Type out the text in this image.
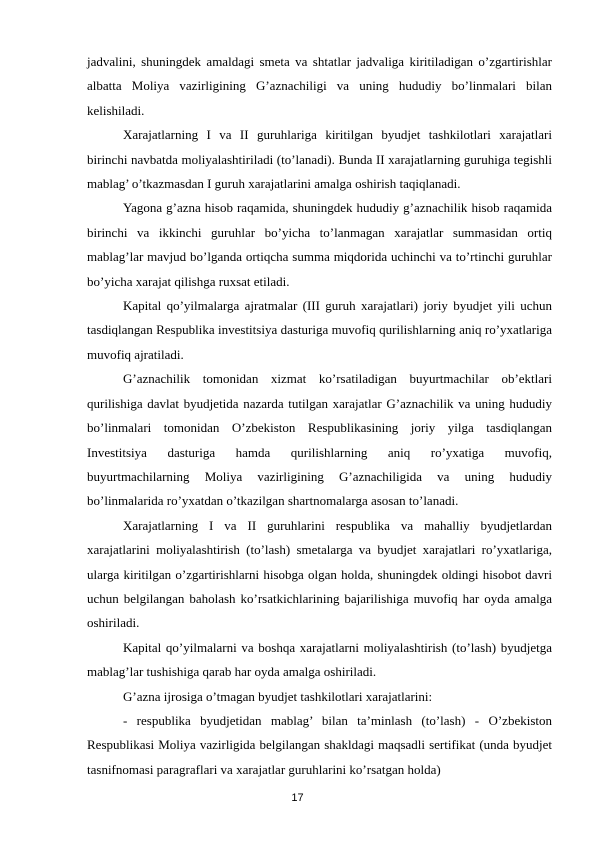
jadvalini, shuningdek amaldagi smeta va shtatlar jadvaliga kiritiladigan o’zgartirishlar albatta Moliya vazirligining G’aznachiligi va uning hududiy bo’linmalari bilan kelishiladi.

Xarajatlarning I va II guruhlariga kiritilgan byudjet tashkilotlari xarajatlari birinchi navbatda moliyalashtiriladi (to’lanadi). Bunda II xarajatlarning guruhiga tegishli mablag’ o’tkazmasdan I guruh xarajatlarini amalga oshirish taqiqlanadi.

Yagona g’azna hisob raqamida, shuningdek hududiy g’aznachilik hisob raqamida birinchi va ikkinchi guruhlar bo’yicha to’lanmagan xarajatlar summasidan ortiq mablag’lar mavjud bo’lganda ortiqcha summa miqdorida uchinchi va to’rtinchi guruhlar bo’yicha xarajat qilishga ruxsat etiladi.

Kapital qo’yilmalarga ajratmalar (III guruh xarajatlari) joriy byudjet yili uchun tasdiqlangan Respublika investitsiya dasturiga muvofiq qurilishlarning aniq ro’yxatlariga muvofiq ajratiladi.

G’aznachilik tomonidan xizmat ko’rsatiladigan buyurtmachilar ob’ektlari qurilishiga davlat byudjetida nazarda tutilgan xarajatlar G’aznachilik va uning hududiy bo’linmalari tomonidan O’zbekiston Respublikasining joriy yilga tasdiqlangan Investitsiya dasturiga hamda qurilishlarning aniq ro’yxatiga muvofiq, buyurtmachilarning Moliya vazirligining G’aznachiligida va uning hududiy bo’linmalarida ro’yxatdan o’tkazilgan shartnomalarga asosan to’lanadi.

Xarajatlarning I va II guruhlarini respublika va mahalliy byudjetlardan xarajatlarini moliyalashtirish (to’lash) smetalarga va byudjet xarajatlari ro’yxatlariga, ularga kiritilgan o’zgartirishlarni hisobga olgan holda, shuningdek oldingi hisobot davri uchun belgilangan baholash ko’rsatkichlarining bajarilishiga muvofiq har oyda amalga oshiriladi.

Kapital qo’yilmalarni va boshqa xarajatlarni moliyalashtirish (to’lash) byudjetga mablag’lar tushishiga qarab har oyda amalga oshiriladi.

G’azna ijrosiga o’tmagan byudjet tashkilotlari xarajatlarini:

- respublika byudjetidan mablag’ bilan ta’minlash (to’lash) - O’zbekiston Respublikasi Moliya vazirligida belgilangan shakldagi maqsadli sertifikat (unda byudjet tasnifnomasi paragraflari va xarajatlar guruhlarini ko’rsatgan holda)

17
